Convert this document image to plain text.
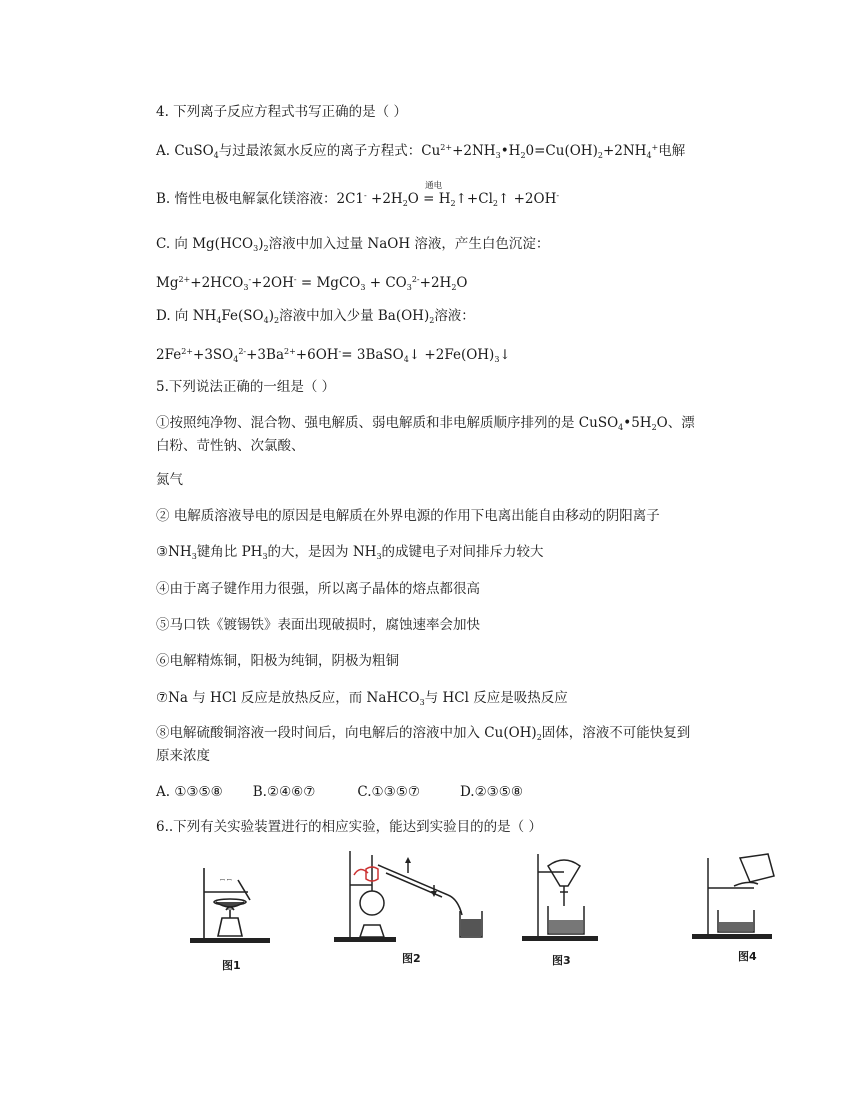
4. 下列离子反应方程式书写正确的是（ ）
A. CuSO$_4$与过最浓氮水反应的离子方程式：$Cu^{2+}+2NH_3•H_20=Cu(OH)_2+2NH_4^+$电解
B. 惰性电极电解氯化镁溶液：$2C1^- +2H_2O$
通电
= $H_2↑+Cl_2↑ +2OH^-$
C. 向 $Mg(HCO_3)_2$溶液中加入过量 NaOH 溶液，产生白色沉淀：
$Mg^{2+}+2HCO_3^-+2OH^-$ = MgCO$_3$ + $CO_3^{2-}+2H_2O$
D. 向 $NH_4Fe(SO_4)_2$溶液中加入少量 $Ba(OH)_2$溶液：
$2Fe^{2+}+3SO_4^{2-}+3Ba^{2+}+6OH^-=$ 3BaSO$_4$↓ $+2Fe(OH)_3↓$
5.下列说法正确的一组是（ ）
①按照纯净物、混合物、强电解质、弱电解质和非电解质顺序排列的是 $CuSO_4•5H_2O$、漂
白粉、苛性钠、次氯酸、
氮气
② 电解质溶液导电的原因是电解质在外界电源的作用下电离出能自由移动的阴阳离子
$③NH_3$键角比 $PH_3$的大，是因为 $NH_3$的成键电子对间排斥力较大
④由于离子键作用力很强，所以离子晶体的熔点都很高
⑤马口铁《镀锡铁》表面出现破损时，腐蚀速率会加快
⑥电解精炼铜，阳极为纯铜，阴极为粗铜
⑦Na 与 HCl 反应是放热反应，而 NaHCO$_3$与 HCl 反应是吸热反应
⑧电解硫酸铜溶液一段时间后，向电解后的溶液中加入 $Cu(OH)_2$固体，溶液不可能快复到
原来浓度
A. ①③⑤⑧ B.②④⑥⑦	C.①③⑤⑦	D.②③⑤⑧
6..下列有关实验装置进行的相应实验，能达到实验目的的是（ ）
ꟷ ꟷ
图1
图2	图3	图4
